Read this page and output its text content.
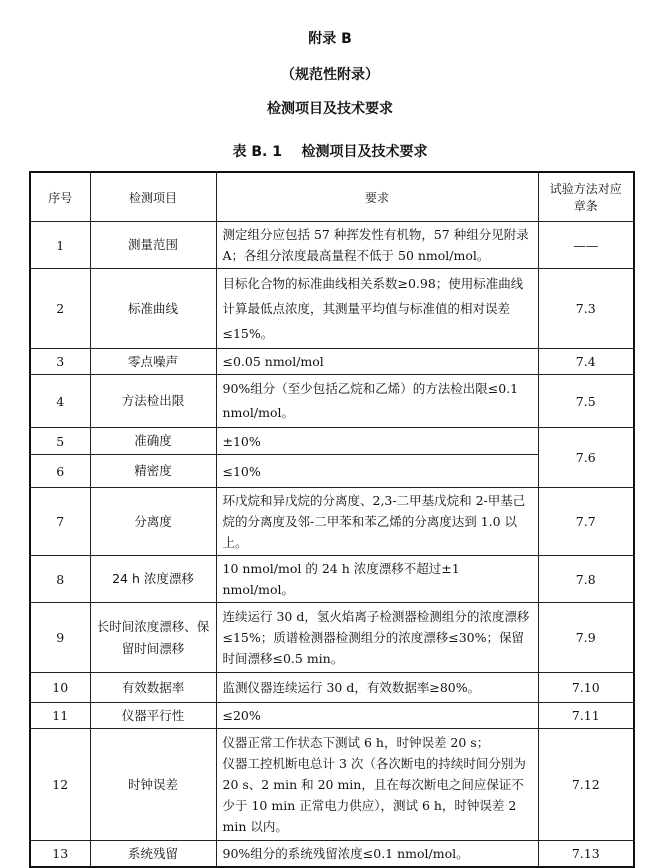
附录 B
（规范性附录）
检测项目及技术要求
表 B. 1    检测项目及技术要求
序号	检测项目	要求	试验方法对应章条
1	测量范围	测定组分应包括 57 种挥发性有机物，57 种组分见附录 A；各组分浓度最高量程不低于 50 nmol/mol。	——
2	标准曲线	目标化合物的标准曲线相关系数≥0.98；使用标准曲线计算最低点浓度，其测量平均值与标准值的相对误差≤15%。	7.3
3	零点噪声	≤0.05 nmol/mol	7.4
4	方法检出限	90%组分（至少包括乙烷和乙烯）的方法检出限≤0.1 nmol/mol。	7.5
5	准确度	±10%	7.6
6	精密度	≤10%	
7	分离度	环戊烷和异戊烷的分离度、2,3-二甲基戊烷和 2-甲基己烷的分离度及邻-二甲苯和苯乙烯的分离度达到 1.0 以上。	7.7
8	24 h 浓度漂移	10 nmol/mol 的 24 h 浓度漂移不超过±1 nmol/mol。	7.8
9	长时间浓度漂移、保留时间漂移	连续运行 30 d，氢火焰离子检测器检测组分的浓度漂移≤15%；质谱检测器检测组分的浓度漂移≤30%；保留时间漂移≤0.5 min。	7.9
10	有效数据率	监测仪器连续运行 30 d，有效数据率≥80%。	7.10
11	仪器平行性	≤20%	7.11
12	时钟误差	仪器正常工作状态下测试 6 h，时钟误差 20 s；
仪器工控机断电总计 3 次（各次断电的持续时间分别为 20 s、2 min 和 20 min，且在每次断电之间应保证不少于 10 min 正常电力供应），测试 6 h，时钟误差 2 min 以内。	7.12
13	系统残留	90%组分的系统残留浓度≤0.1 nmol/mol。	7.13
